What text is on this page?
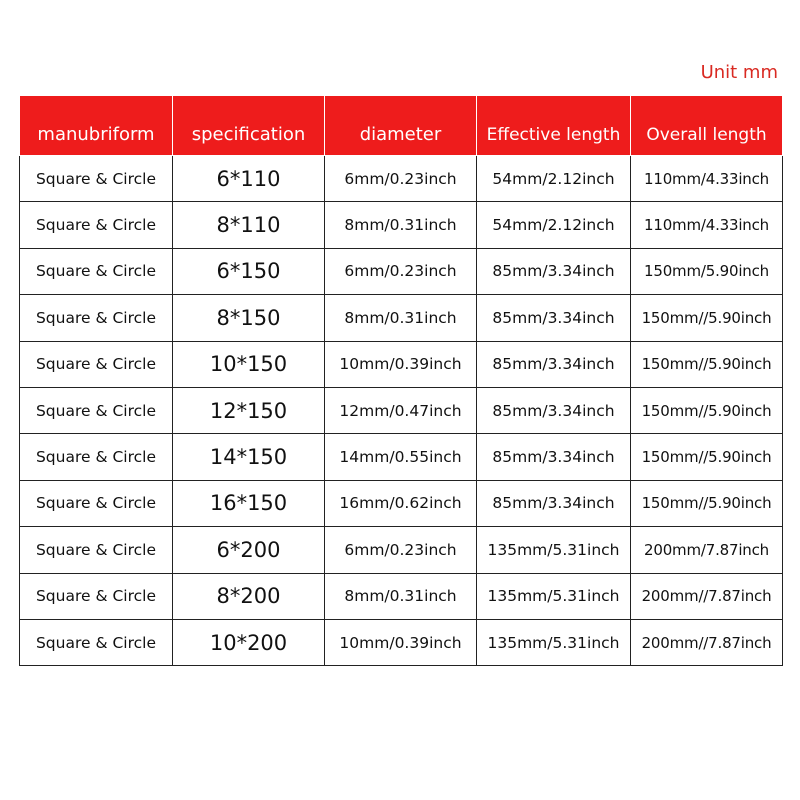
Unit mm
manubriform	specification	diameter	Effective length	Overall length
Square & Circle	6*110	6mm/0.23inch	54mm/2.12inch	110mm/4.33inch
Square & Circle	8*110	8mm/0.31inch	54mm/2.12inch	110mm/4.33inch
Square & Circle	6*150	6mm/0.23inch	85mm/3.34inch	150mm/5.90inch
Square & Circle	8*150	8mm/0.31inch	85mm/3.34inch	150mm//5.90inch
Square & Circle	10*150	10mm/0.39inch	85mm/3.34inch	150mm//5.90inch
Square & Circle	12*150	12mm/0.47inch	85mm/3.34inch	150mm//5.90inch
Square & Circle	14*150	14mm/0.55inch	85mm/3.34inch	150mm//5.90inch
Square & Circle	16*150	16mm/0.62inch	85mm/3.34inch	150mm//5.90inch
Square & Circle	6*200	6mm/0.23inch	135mm/5.31inch	200mm/7.87inch
Square & Circle	8*200	8mm/0.31inch	135mm/5.31inch	200mm//7.87inch
Square & Circle	10*200	10mm/0.39inch	135mm/5.31inch	200mm//7.87inch
